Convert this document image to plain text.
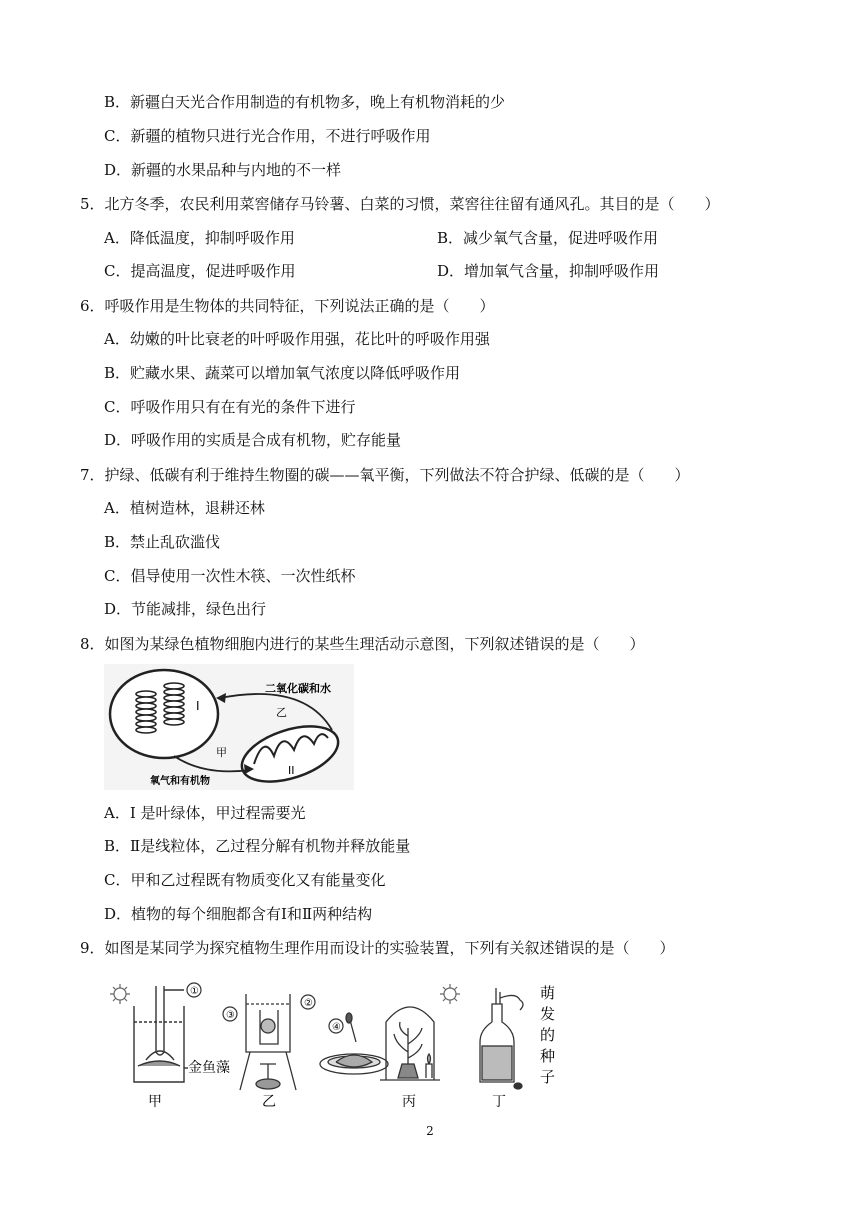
B．新疆白天光合作用制造的有机物多，晚上有机物消耗的少
C．新疆的植物只进行光合作用，不进行呼吸作用
D．新疆的水果品种与内地的不一样
5．北方冬季，农民利用菜窖储存马铃薯、白菜的习惯，菜窖往往留有通风孔。其目的是（　　）
A．降低温度，抑制呼吸作用	B．减少氧气含量，促进呼吸作用
C．提高温度，促进呼吸作用	D．增加氧气含量，抑制呼吸作用
6．呼吸作用是生物体的共同特征，下列说法正确的是（　　）
A．幼嫩的叶比衰老的叶呼吸作用强，花比叶的呼吸作用强
B．贮藏水果、蔬菜可以增加氧气浓度以降低呼吸作用
C．呼吸作用只有在有光的条件下进行
D．呼吸作用的实质是合成有机物，贮存能量
7．护绿、低碳有利于维持生物圈的碳——氧平衡，下列做法不符合护绿、低碳的是（　　）
A．植树造林，退耕还林
B．禁止乱砍滥伐
C．倡导使用一次性木筷、一次性纸杯
D．节能减排，绿色出行
8．如图为某绿色植物细胞内进行的某些生理活动示意图，下列叙述错误的是（　　）
I
II
二氧化碳和水
乙
甲
氧气和有机物
A．I 是叶绿体，甲过程需要光
B．Ⅱ是线粒体，乙过程分解有机物并释放能量
C．甲和乙过程既有物质变化又有能量变化
D．植物的每个细胞都含有Ⅰ和Ⅱ两种结构
9．如图是某同学为探究植物生理作用而设计的实验装置，下列有关叙述错误的是（　　）
①
金鱼藻
甲
③
②
乙
④
丙
萌
发
的
种
子
丁
2
